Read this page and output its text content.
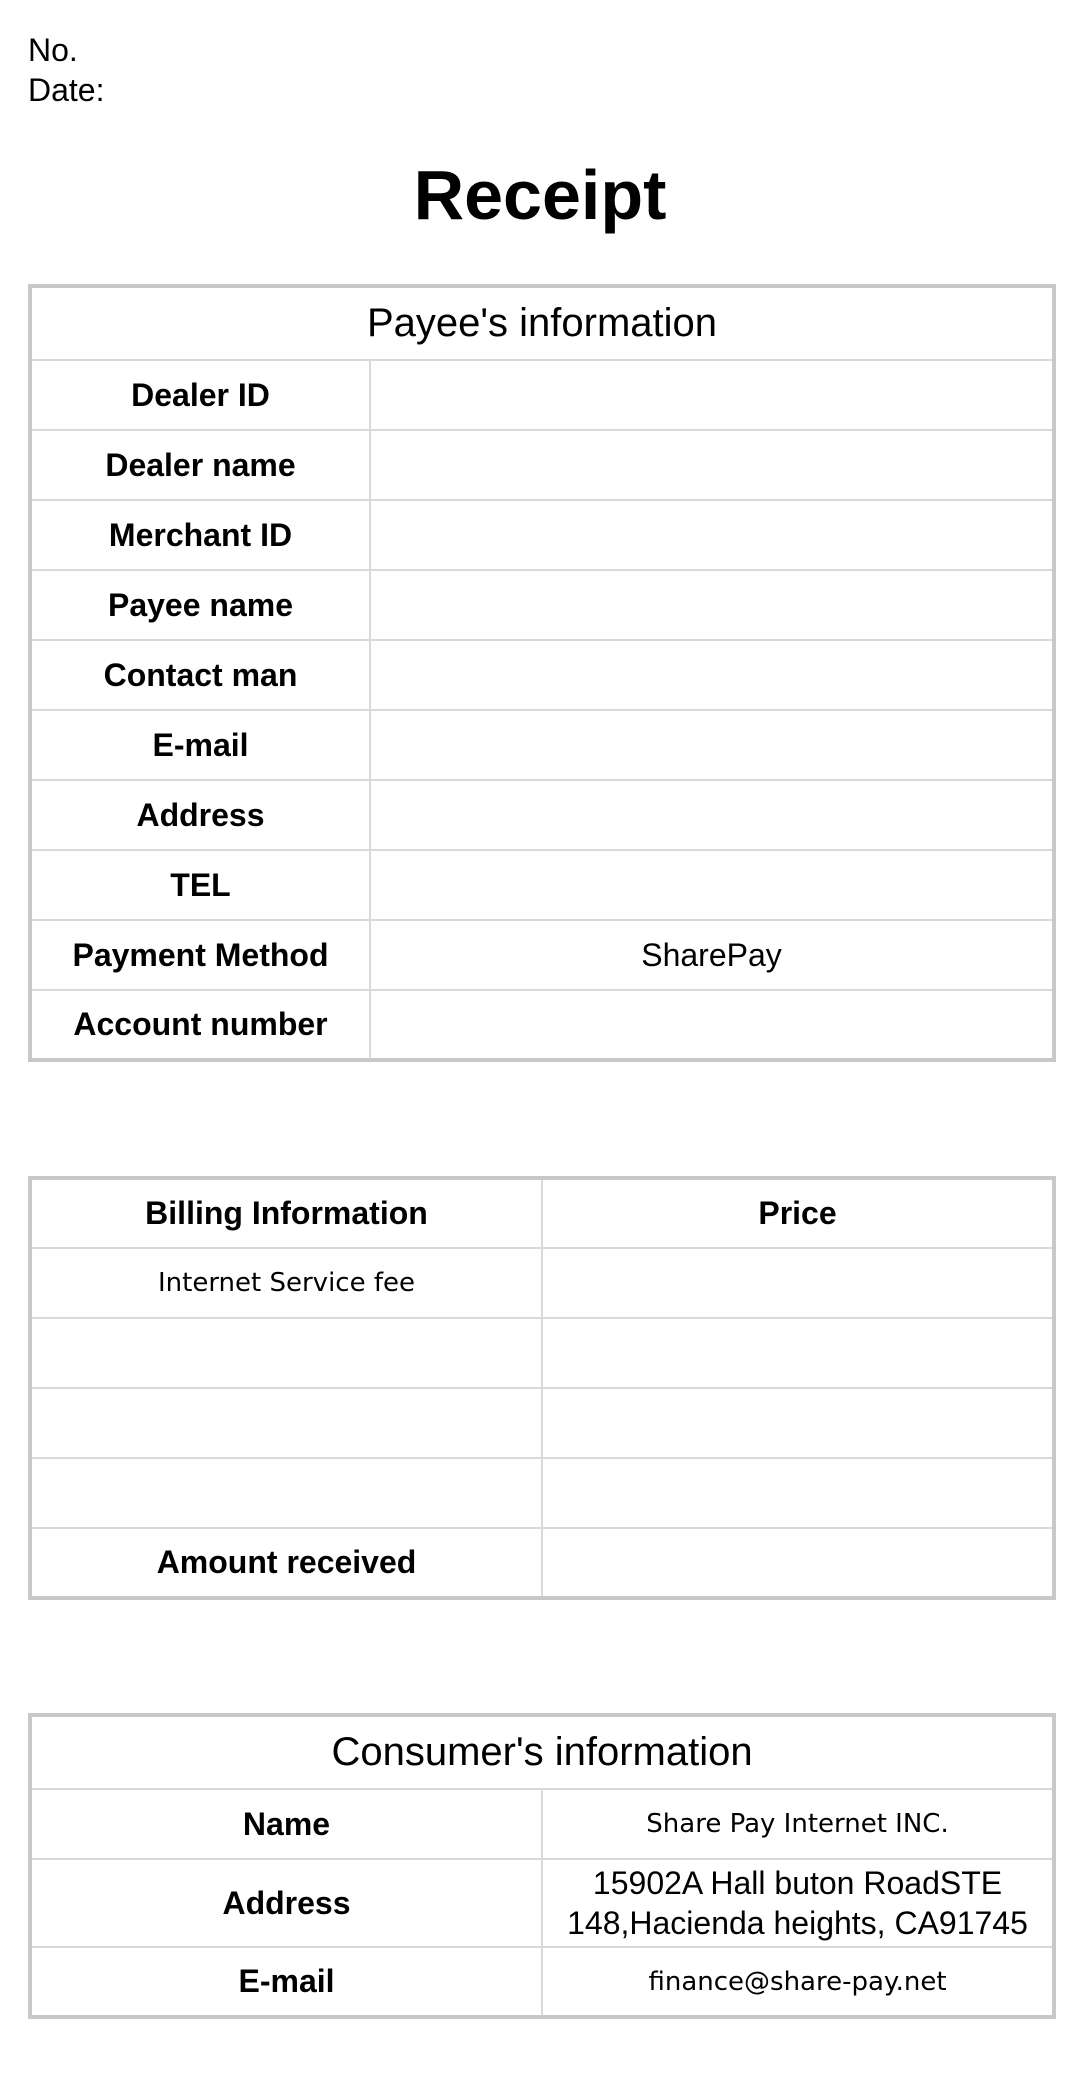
No.
Date:
Receipt
Payee's information	
Dealer ID	
Dealer name	
Merchant ID	
Payee name	
Contact man	
E-mail	
Address	
TEL	
Payment Method	SharePay
Account number	
Billing Information	Price
Internet Service fee	

Amount received	
Consumer's information	
Name	Share Pay Internet INC.
Address	15902A Hall buton RoadSTE 148,Hacienda heights, CA91745
E-mail	finance@share-pay.net
